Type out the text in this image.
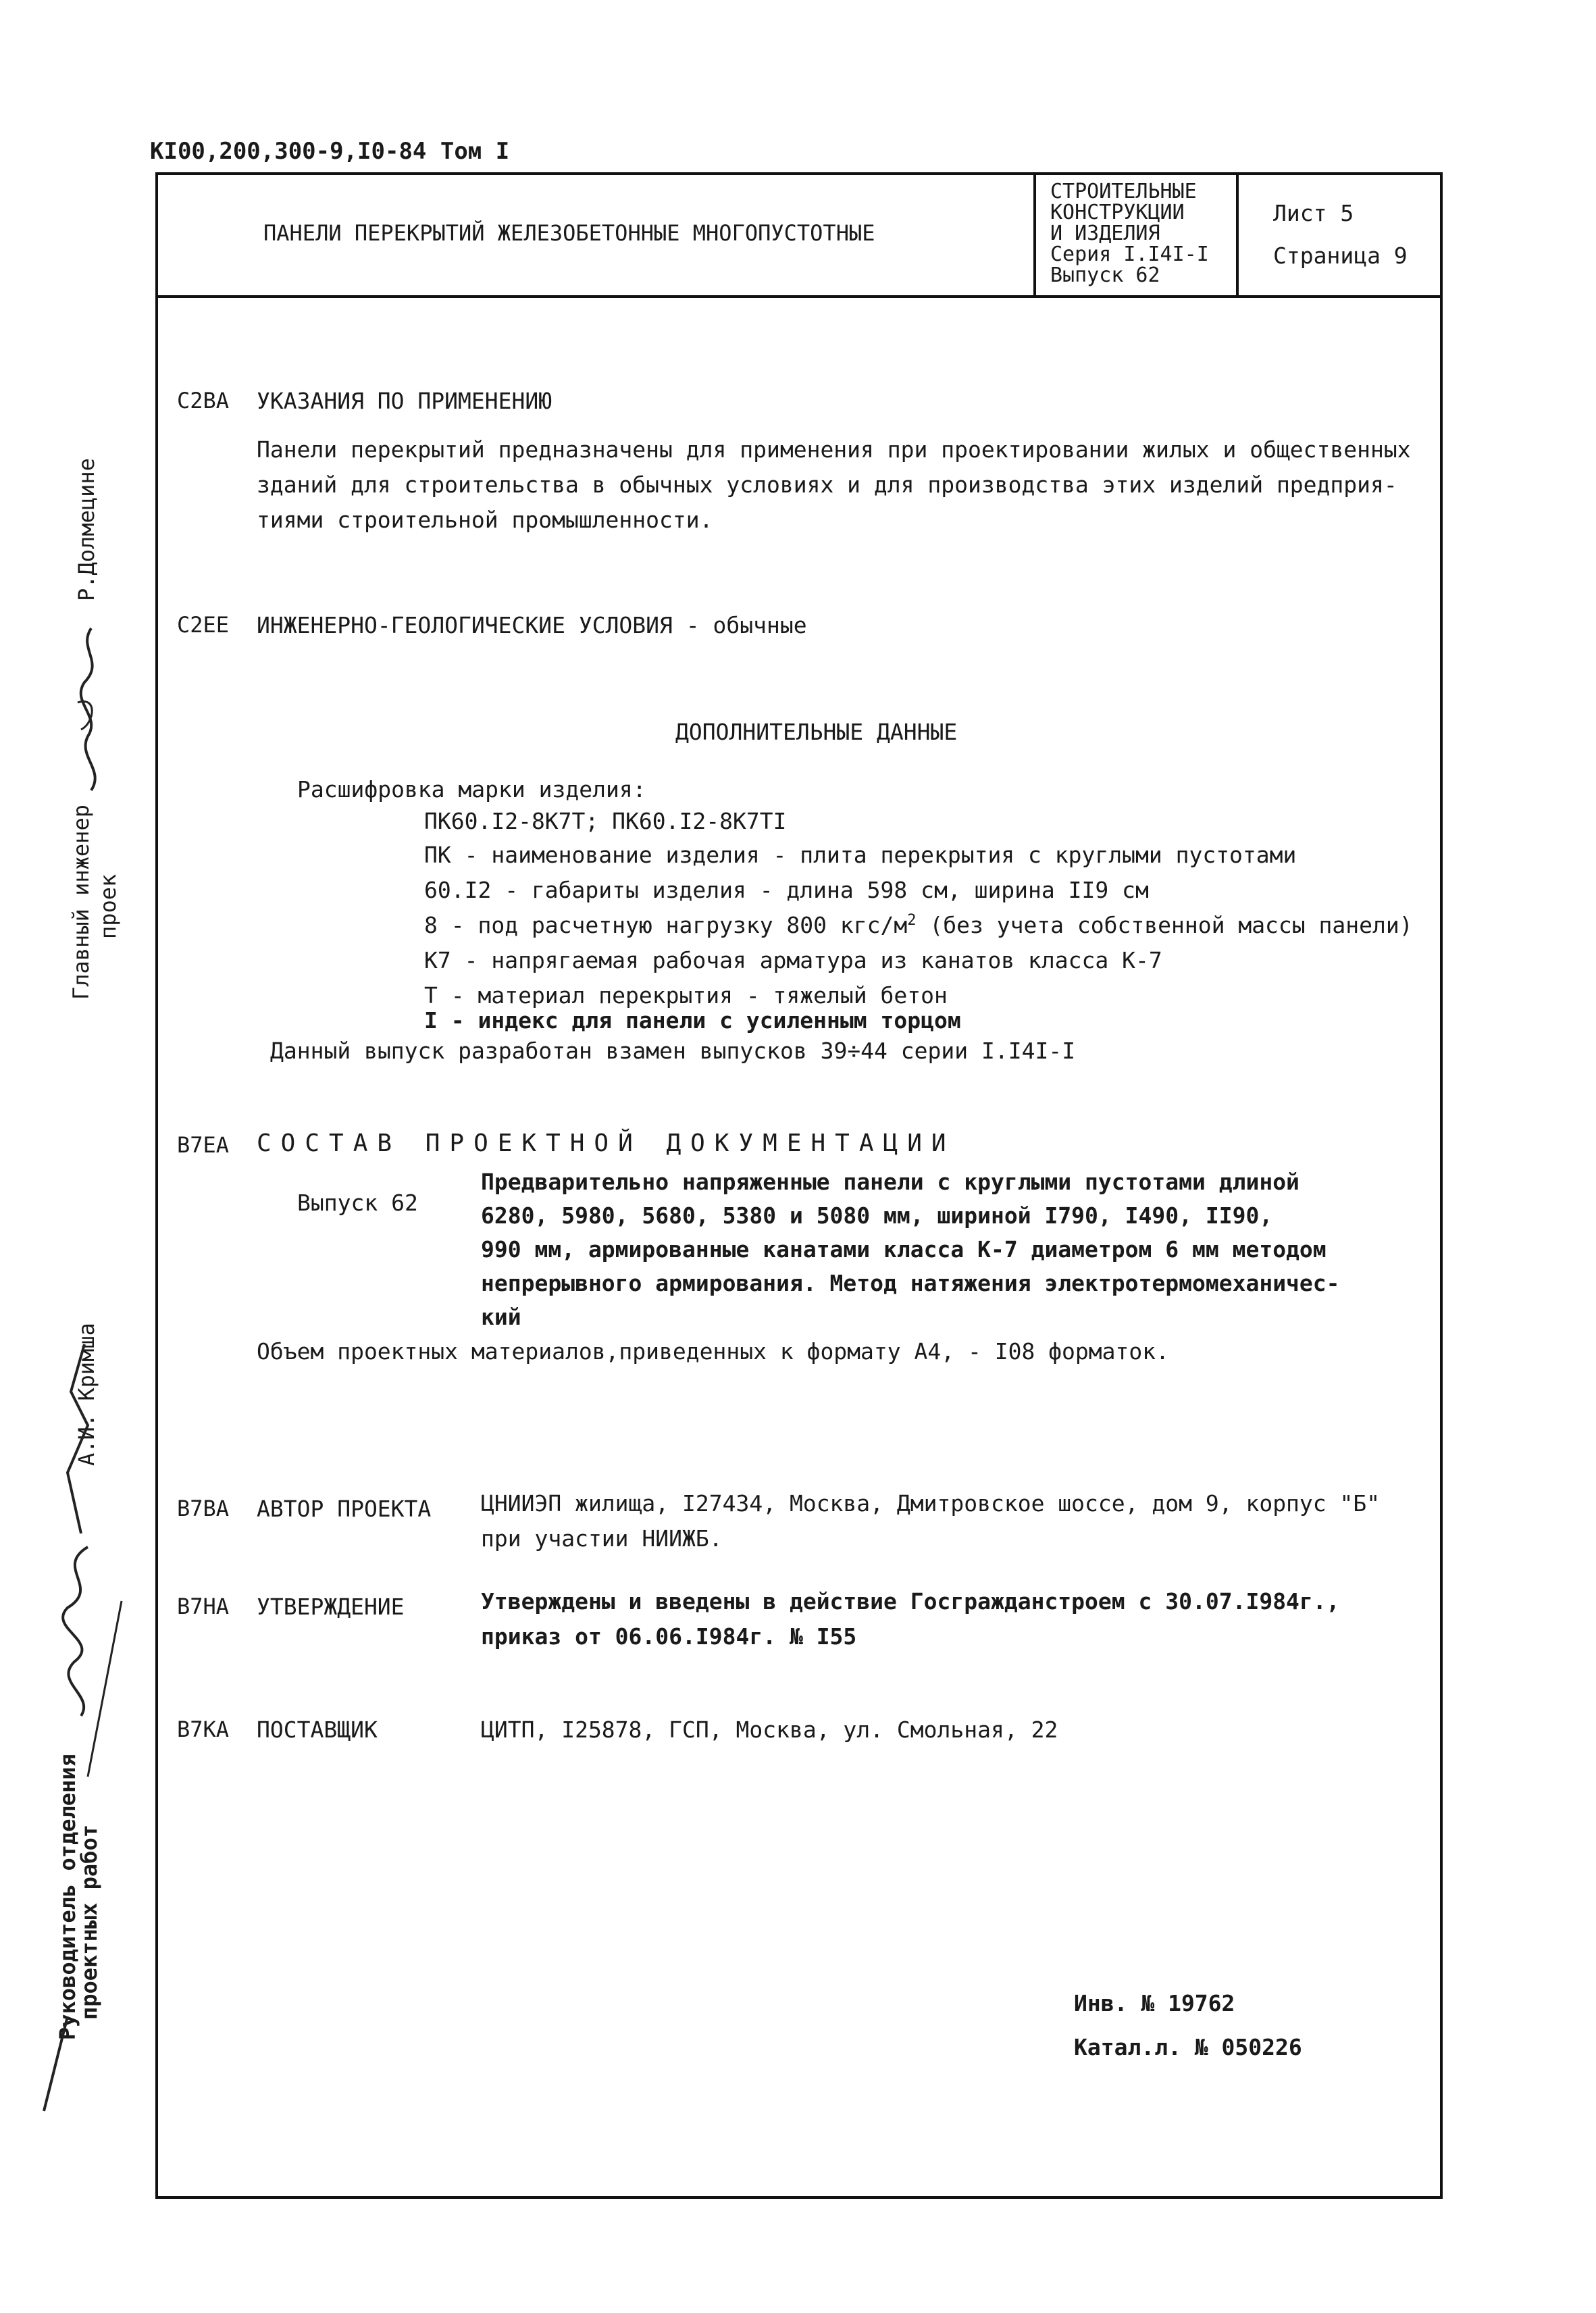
КI00,200,300-9,I0-84 Том I
ПАНЕЛИ ПЕРЕКРЫТИЙ ЖЕЛЕЗОБЕТОННЫЕ МНОГОПУСТОТНЫЕ
СТРОИТЕЛЬНЫЕ
КОНСТРУКЦИИ
И ИЗДЕЛИЯ
Серия I.I4I-I
Выпуск 62
Лист 5
Страница 9
Главный инженер проек
Р.Долмецине
А.И. Кримша
Руководитель отделения
проектных работ
С2ВА УКАЗАНИЯ ПО ПРИМЕНЕНИЮ
Панели перекрытий предназначены для применения при проектировании жилых и общественных
зданий для строительства в обычных условиях и для производства этих изделий предприя-
тиями строительной промышленности.
С2ЕЕ ИНЖЕНЕРНО-ГЕОЛОГИЧЕСКИЕ УСЛОВИЯ - обычные
ДОПОЛНИТЕЛЬНЫЕ ДАННЫЕ
Расшифровка марки изделия:
ПК60.I2-8К7Т; ПК60.I2-8К7ТI
ПК - наименование изделия - плита перекрытия с круглыми пустотами
60.I2 - габариты изделия - длина 598 см, ширина II9 см
8 - под расчетную нагрузку 800 кгс/$м^2$ (без учета собственной массы панели)
К7 - напрягаемая рабочая арматура из канатов класса К-7
Т - материал перекрытия - тяжелый бетон
I - индекс для панели с усиленным торцом
Данный выпуск разработан взамен выпусков 39÷44 серии I.I4I-I
В7ЕА СОСТАВ ПРОЕКТНОЙ ДОКУМЕНТАЦИИ
Выпуск 62
Предварительно напряженные панели с круглыми пустотами длиной
6280, 5980, 5680, 5380 и 5080 мм, шириной I790, I490, II90,
990 мм, армированные канатами класса К-7 диаметром 6 мм методом
непрерывного армирования. Метод натяжения электротермомеханичес-
кий
Объем проектных материалов,приведенных к формату А4, - I08 форматок.
В7ВА АВТОР ПРОЕКТА ЦНИИЭП жилища, I27434, Москва, Дмитровское шоссе, дом 9, корпус "Б"
при участии НИИЖБ.
В7НА УТВЕРЖДЕНИЕ	Утверждены и введены в действие Госгражданстроем с 30.07.I984г.,
приказ от 06.06.I984г. № I55
В7КА ПОСТАВЩИК	ЦИТП, I25878, ГСП, Москва, ул. Смольная, 22
Инв. № 19762
Катал.л. № 050226
